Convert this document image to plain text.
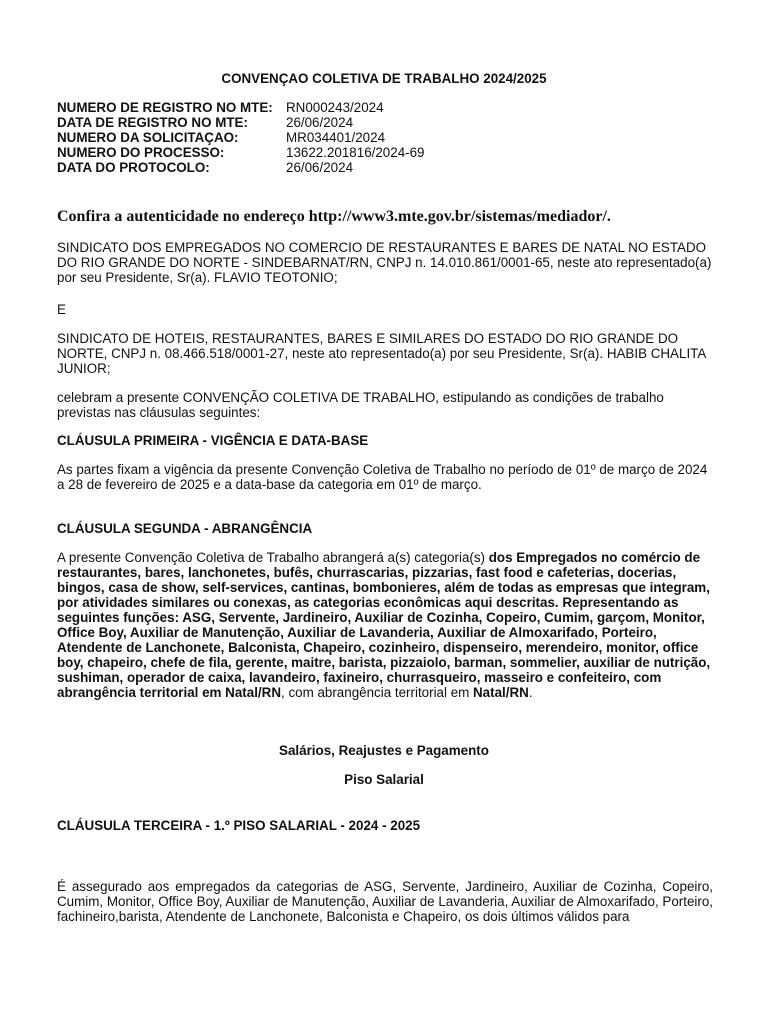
CONVENÇAO COLETIVA DE TRABALHO 2024/2025
NUMERO DE REGISTRO NO MTE: RN000243/2024
DATA DE REGISTRO NO MTE:	26/06/2024
NUMERO DA SOLICITAÇAO:	MR034401/2024
NUMERO DO PROCESSO:	13622.201816/2024-69
DATA DO PROTOCOLO:	26/06/2024
Confira a autenticidade no endereço http://www3.mte.gov.br/sistemas/mediador/.
SINDICATO DOS EMPREGADOS NO COMERCIO DE RESTAURANTES E BARES DE NATAL NO ESTADO DO RIO GRANDE DO NORTE - SINDEBARNAT/RN, CNPJ n. 14.010.861/0001-65, neste ato representado(a) por seu Presidente, Sr(a). FLAVIO TEOTONIO;
E
SINDICATO DE HOTEIS, RESTAURANTES, BARES E SIMILARES DO ESTADO DO RIO GRANDE DO NORTE, CNPJ n. 08.466.518/0001-27, neste ato representado(a) por seu Presidente, Sr(a). HABIB CHALITA JUNIOR;
celebram a presente CONVENÇÃO COLETIVA DE TRABALHO, estipulando as condições de trabalho previstas nas cláusulas seguintes:
CLÁUSULA PRIMEIRA - VIGÊNCIA E DATA-BASE
As partes fixam a vigência da presente Convenção Coletiva de Trabalho no período de 01º de março de 2024 a 28 de fevereiro de 2025 e a data-base da categoria em 01º de março.
CLÁUSULA SEGUNDA - ABRANGÊNCIA
A presente Convenção Coletiva de Trabalho abrangerá a(s) categoria(s) dos Empregados no comércio de restaurantes, bares, lanchonetes, bufês, churrascarias, pizzarias, fast food e cafeterias, docerias, bingos, casa de show, self-services, cantinas, bombonieres, além de todas as empresas que integram, por atividades similares ou conexas, as categorias econômicas aqui descritas. Representando as seguintes funções: ASG, Servente, Jardineiro, Auxiliar de Cozinha, Copeiro, Cumim, garçom, Monitor, Office Boy, Auxiliar de Manutenção, Auxiliar de Lavanderia, Auxiliar de Almoxarifado, Porteiro, Atendente de Lanchonete, Balconista, Chapeiro, cozinheiro, dispenseiro, merendeiro, monitor, office boy, chapeiro, chefe de fila, gerente, maitre, barista, pizzaiolo, barman, sommelier, auxiliar de nutrição, sushiman, operador de caixa, lavandeiro, faxineiro, churrasqueiro, masseiro e confeiteiro, com abrangência territorial em Natal/RN, com abrangência territorial em Natal/RN.
Salários, Reajustes e Pagamento
Piso Salarial
CLÁUSULA TERCEIRA - 1.º PISO SALARIAL - 2024 - 2025
É assegurado aos empregados da categorias de ASG, Servente, Jardineiro, Auxiliar de Cozinha, Copeiro, Cumim, Monitor, Office Boy, Auxiliar de Manutenção, Auxiliar de Lavanderia, Auxiliar de Almoxarifado, Porteiro, fachineiro,barista, Atendente de Lanchonete, Balconista e Chapeiro, os dois últimos válidos para
